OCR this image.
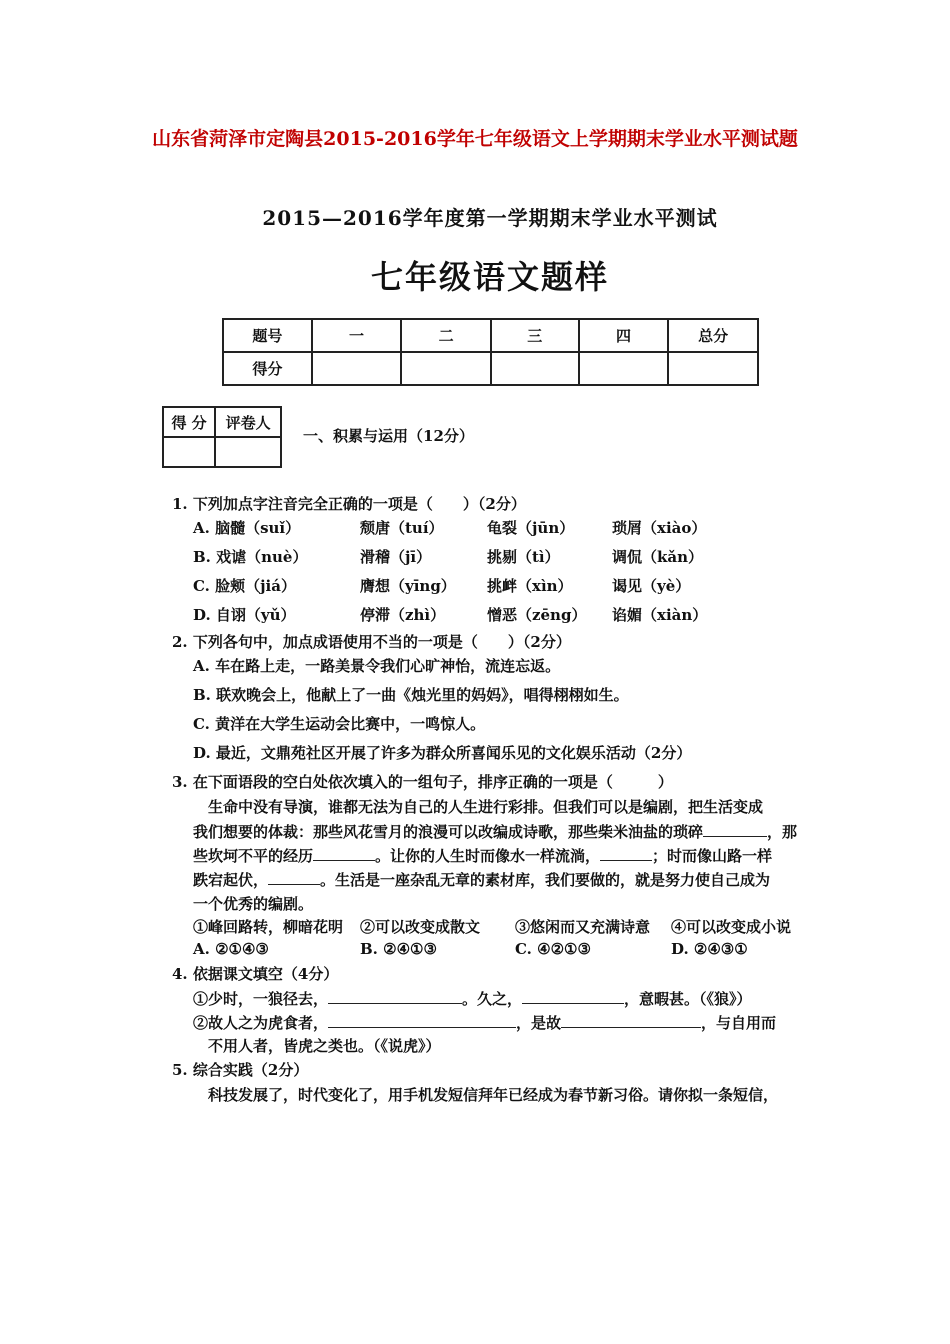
山东省菏泽市定陶县2015-2016学年七年级语文上学期期末学业水平测试题
2015—2016学年度第一学期期末学业水平测试
七年级语文题样
题号	一	二	三	四	总分
得分					
得 分	评卷人

一、积累与运用（12分）
1. 下列加点字注音完全正确的一项是（　　）（2分）
A. 脑髓（suǐ）	颓唐（tuí）	龟裂（jūn）	琐屑（xiào）
B. 戏谑（nuè）	滑稽（jī）	挑剔（tì）	调侃（kǎn）
C. 脸颊（jiá）	膺想（yīng） 挑衅（xìn）	谒见（yè）
D. 自诩（yǔ）	停滞（zhì）	憎恶（zēng） 谄媚（xiàn）
2. 下列各句中，加点成语使用不当的一项是（　　）（2分）
A. 车在路上走，一路美景令我们心旷神怡，流连忘返。
B. 联欢晚会上，他献上了一曲《烛光里的妈妈》，唱得栩栩如生。
C. 黄洋在大学生运动会比赛中，一鸣惊人。
D. 最近，文鼎苑社区开展了许多为群众所喜闻乐见的文化娱乐活动（2分）
3. 在下面语段的空白处依次填入的一组句子，排序正确的一项是（　　　）
生命中没有导演，谁都无法为自己的人生进行彩排。但我们可以是编剧，把生活变成
我们想要的体裁：那些风花雪月的浪漫可以改编成诗歌，那些柴米油盐的琐碎	，那
些坎坷不平的经历	。让你的人生时而像水一样流淌，	；时而像山路一样
跌宕起伏，	。生活是一座杂乱无章的素材库，我们要做的，就是努力使自己成为
一个优秀的编剧。
①峰回路转，柳暗花明 ②可以改变成散文 ③悠闲而又充满诗意 ④可以改变成小说
A. ②①④③	B. ②④①③	C. ④②①③	D. ②④③①
4. 依据课文填空（4分）
①少时，一狼径去，	。久之，	，意暇甚。（《狼》）
②故人之为虎食者，	，是故	，与自用而
不用人者，皆虎之类也。（《说虎》）
5. 综合实践（2分）
科技发展了，时代变化了，用手机发短信拜年已经成为春节新习俗。请你拟一条短信，
